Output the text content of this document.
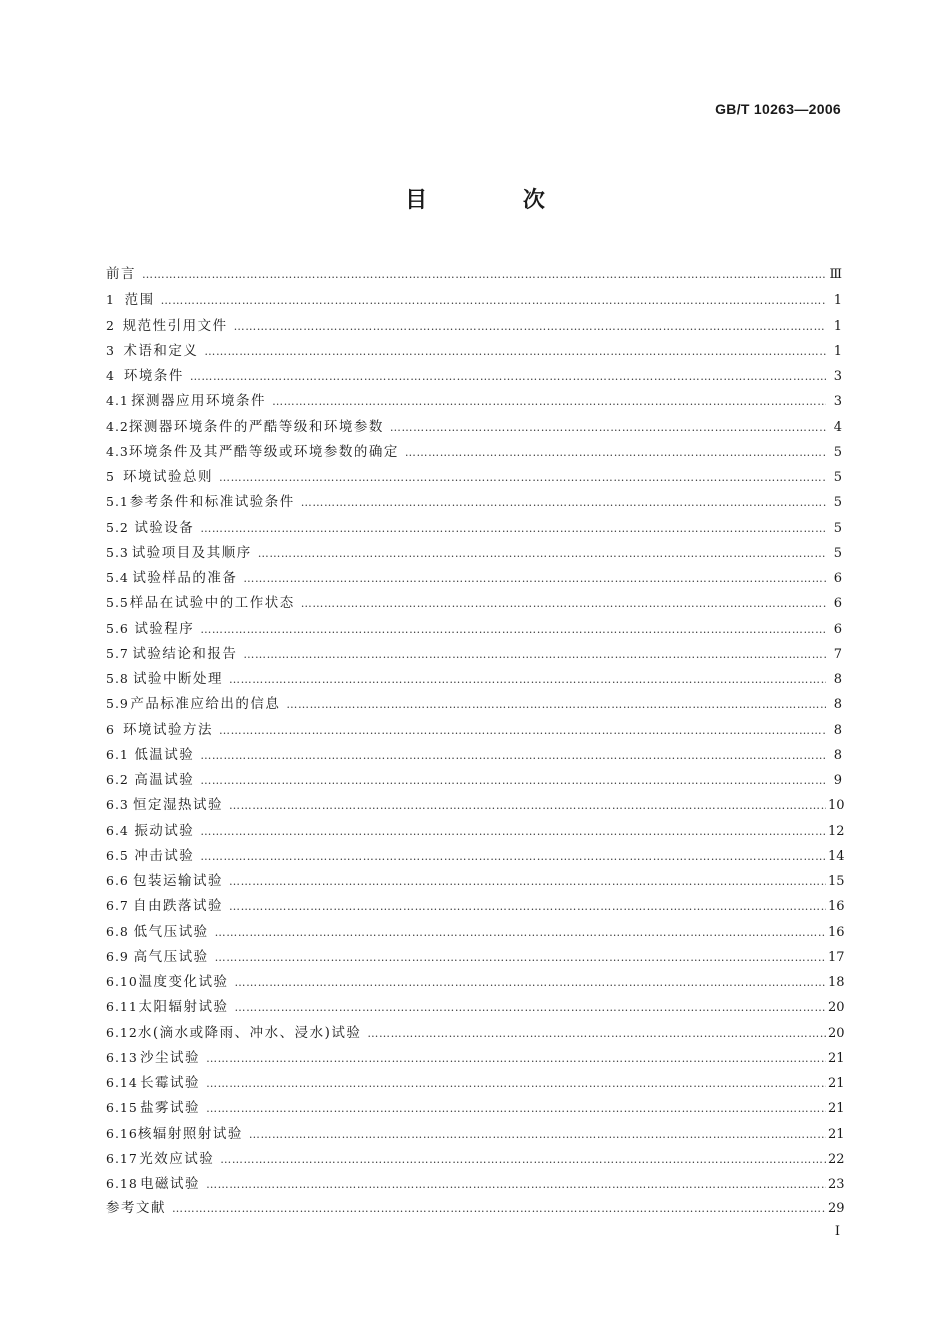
GB/T 10263—2006
目 次
前言 ……………………………………………………………………………………………………………………………………………………………………………………………………………………	Ⅲ
1 范围 ……………………………………………………………………………………………………………………………………………………………………………………………………………………	1
2 规范性引用文件 ……………………………………………………………………………………………………………………………………………………………………………………………………………………	1
3 术语和定义 ……………………………………………………………………………………………………………………………………………………………………………………………………………………	1
4 环境条件 ……………………………………………………………………………………………………………………………………………………………………………………………………………………	3
4.1 探测器应用环境条件 ……………………………………………………………………………………………………………………………………………………………………………………………………………………	3
4.2 探测器环境条件的严酷等级和环境参数 ……………………………………………………………………………………………………………………………………………………………………………………………………………………	4
4.3 环境条件及其严酷等级或环境参数的确定 ……………………………………………………………………………………………………………………………………………………………………………………………………………………	5
5 环境试验总则 ……………………………………………………………………………………………………………………………………………………………………………………………………………………	5
5.1 参考条件和标准试验条件 ……………………………………………………………………………………………………………………………………………………………………………………………………………………	5
5.2 试验设备 ……………………………………………………………………………………………………………………………………………………………………………………………………………………	5
5.3 试验项目及其顺序 ……………………………………………………………………………………………………………………………………………………………………………………………………………………	5
5.4 试验样品的准备 ……………………………………………………………………………………………………………………………………………………………………………………………………………………	6
5.5 样品在试验中的工作状态 ……………………………………………………………………………………………………………………………………………………………………………………………………………………	6
5.6 试验程序 ……………………………………………………………………………………………………………………………………………………………………………………………………………………	6
5.7 试验结论和报告 ……………………………………………………………………………………………………………………………………………………………………………………………………………………	7
5.8 试验中断处理 ……………………………………………………………………………………………………………………………………………………………………………………………………………………	8
5.9 产品标准应给出的信息 ……………………………………………………………………………………………………………………………………………………………………………………………………………………	8
6 环境试验方法 ……………………………………………………………………………………………………………………………………………………………………………………………………………………	8
6.1 低温试验 ……………………………………………………………………………………………………………………………………………………………………………………………………………………	8
6.2 高温试验 ……………………………………………………………………………………………………………………………………………………………………………………………………………………	9
6.3 恒定湿热试验 ……………………………………………………………………………………………………………………………………………………………………………………………………………………	10
6.4 振动试验 ……………………………………………………………………………………………………………………………………………………………………………………………………………………	12
6.5 冲击试验 ……………………………………………………………………………………………………………………………………………………………………………………………………………………	14
6.6 包装运输试验 ……………………………………………………………………………………………………………………………………………………………………………………………………………………	15
6.7 自由跌落试验 ……………………………………………………………………………………………………………………………………………………………………………………………………………………	16
6.8 低气压试验 ……………………………………………………………………………………………………………………………………………………………………………………………………………………	16
6.9 高气压试验 ……………………………………………………………………………………………………………………………………………………………………………………………………………………	17
6.10 温度变化试验 ……………………………………………………………………………………………………………………………………………………………………………………………………………………	18
6.11 太阳辐射试验 ……………………………………………………………………………………………………………………………………………………………………………………………………………………	20
6.12 水(滴水或降雨、冲水、浸水)试验 ……………………………………………………………………………………………………………………………………………………………………………………………………………………	20
6.13 沙尘试验 ……………………………………………………………………………………………………………………………………………………………………………………………………………………	21
6.14 长霉试验 ……………………………………………………………………………………………………………………………………………………………………………………………………………………	21
6.15 盐雾试验 ……………………………………………………………………………………………………………………………………………………………………………………………………………………	21
6.16 核辐射照射试验 ……………………………………………………………………………………………………………………………………………………………………………………………………………………	21
6.17 光效应试验 ……………………………………………………………………………………………………………………………………………………………………………………………………………………	22
6.18 电磁试验 ……………………………………………………………………………………………………………………………………………………………………………………………………………………	23
参考文献 ……………………………………………………………………………………………………………………………………………………………………………………………………………………	29
I
